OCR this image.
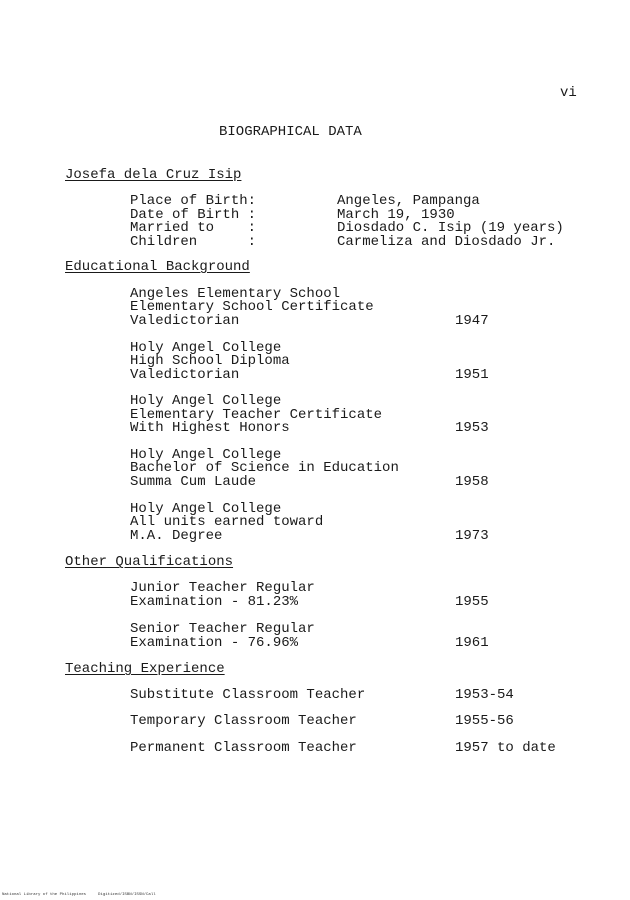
vi
BIOGRAPHICAL DATA
Josefa dela Cruz Isip
Place of Birth:	Angeles, Pampanga
Date of Birth :	March 19, 1930
Married to    :	Diosdado C. Isip (19 years)
Children      :	Carmeliza and Diosdado Jr.
Educational Background
Angeles Elementary School
Elementary School Certificate
Valedictorian	1947
Holy Angel College
High School Diploma
Valedictorian	1951
Holy Angel College
Elementary Teacher Certificate
With Highest Honors	1953
Holy Angel College
Bachelor of Science in Education
Summa Cum Laude	1958
Holy Angel College
All units earned toward
M.A. Degree	1973
Other Qualifications
Junior Teacher Regular
Examination - 81.23%	1955
Senior Teacher Regular
Examination - 76.96%	1961
Teaching Experience
Substitute Classroom Teacher	1953-54
Temporary Classroom Teacher	1955-56
Permanent Classroom Teacher	1957 to date
National Library of the Philippines     Digitized/ISBN/ISSN/Call
